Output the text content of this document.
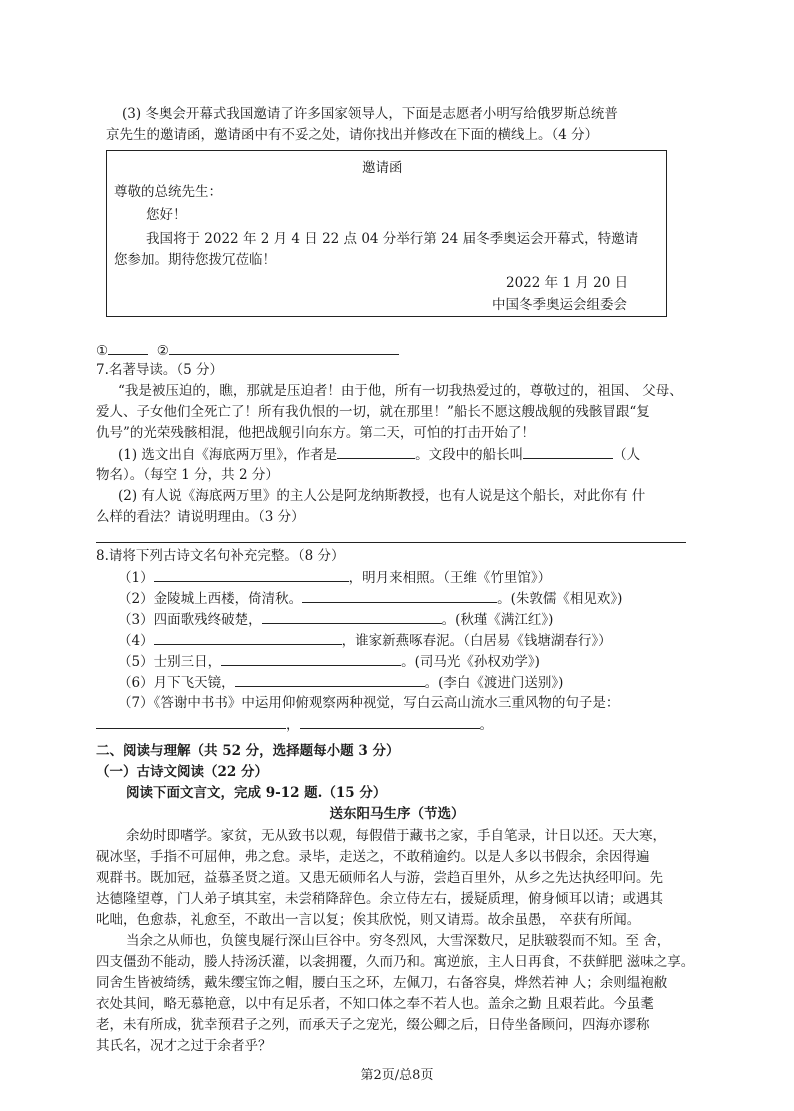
(3) 冬奥会开幕式我国邀请了许多国家领导人，下面是志愿者小明写给俄罗斯总统普
京先生的邀请函，邀请函中有不妥之处，请你找出并修改在下面的横线上。（4 分）
邀请函
尊敬的总统先生：
您好！
我国将于 2022 年 2 月 4 日 22 点 04 分举行第 24 届冬季奥运会开幕式，特邀请
您参加。期待您拨冗莅临！
2022 年 1 月 20 日
中国冬季奥运会组委会
①	②
7.名著导读。（5 分）
“我是被压迫的，瞧，那就是压迫者！由于他，所有一切我热爱过的，尊敬过的，祖国、 父母、
爱人、子女他们全死亡了！所有我仇恨的一切，就在那里！”船长不愿这艘战舰的残骸冒跟“复
仇号”的光荣残骸相混，他把战舰引向东方。第二天，可怕的打击开始了！
(1) 选文出自《海底两万里》，作者是	。文段中的船长叫	（人
物名）。（每空 1 分，共 2 分）
(2) 有人说《海底两万里》的主人公是阿龙纳斯教授，也有人说是这个船长，对此你有 什
么样的看法？请说明理由。（3 分）
8.请将下列古诗文名句补充完整。（8 分）
（1）	，明月来相照。（王维《竹里馆》）
（2）金陵城上西楼，倚清秋。	。(朱敦儒《相见欢》)
（3）四面歌残终破楚，	。(秋瑾《满江红》)
（4）	，谁家新燕啄春泥。（白居易《钱塘湖春行》）
（5）士别三日，	。(司马光《孙权劝学》)
（6）月下飞天镜，	。(李白《渡进门送别》)
（7）《答谢中书书》中运用仰俯观察两种视觉，写白云高山流水三重风物的句子是：
，	。
二、阅读与理解（共 52 分，选择题每小题 3 分）
（一）古诗文阅读（22 分）
阅读下面文言文，完成 9-12 题.（15 分）
送东阳马生序（节选）
余幼时即嗜学。家贫，无从致书以观，每假借于藏书之家，手自笔录，计日以还。天大寒，
砚冰坚，手指不可屈伸，弗之怠。录毕，走送之，不敢稍逾约。以是人多以书假余，余因得遍
观群书。既加冠，益慕圣贤之道。又患无硕师名人与游，尝趋百里外，从乡之先达执经叩问。先
达德隆望尊，门人弟子填其室，未尝稍降辞色。余立侍左右，援疑质理，俯身倾耳以请；或遇其
叱咄，色愈恭，礼愈至，不敢出一言以复；俟其欣悦，则又请焉。故余虽愚， 卒获有所闻。
当余之从师也，负箧曳屣行深山巨谷中。穷冬烈风，大雪深数尺，足肤皲裂而不知。至 舍，
四支僵劲不能动，媵人持汤沃灌，以衾拥覆，久而乃和。寓逆旅，主人日再食，不获鲜肥 滋味之享。
同舍生皆被绮绣，戴朱缨宝饰之帽，腰白玉之环，左佩刀，右备容臭，烨然若神 人；余则缊袍敝
衣处其间，略无慕艳意，以中有足乐者，不知口体之奉不若人也。盖余之勤 且艰若此。今虽耄
老，未有所成，犹幸预君子之列，而承天子之宠光，缀公卿之后，日侍坐备顾问，四海亦谬称
其氏名，况才之过于余者乎？
第2页/总8页
